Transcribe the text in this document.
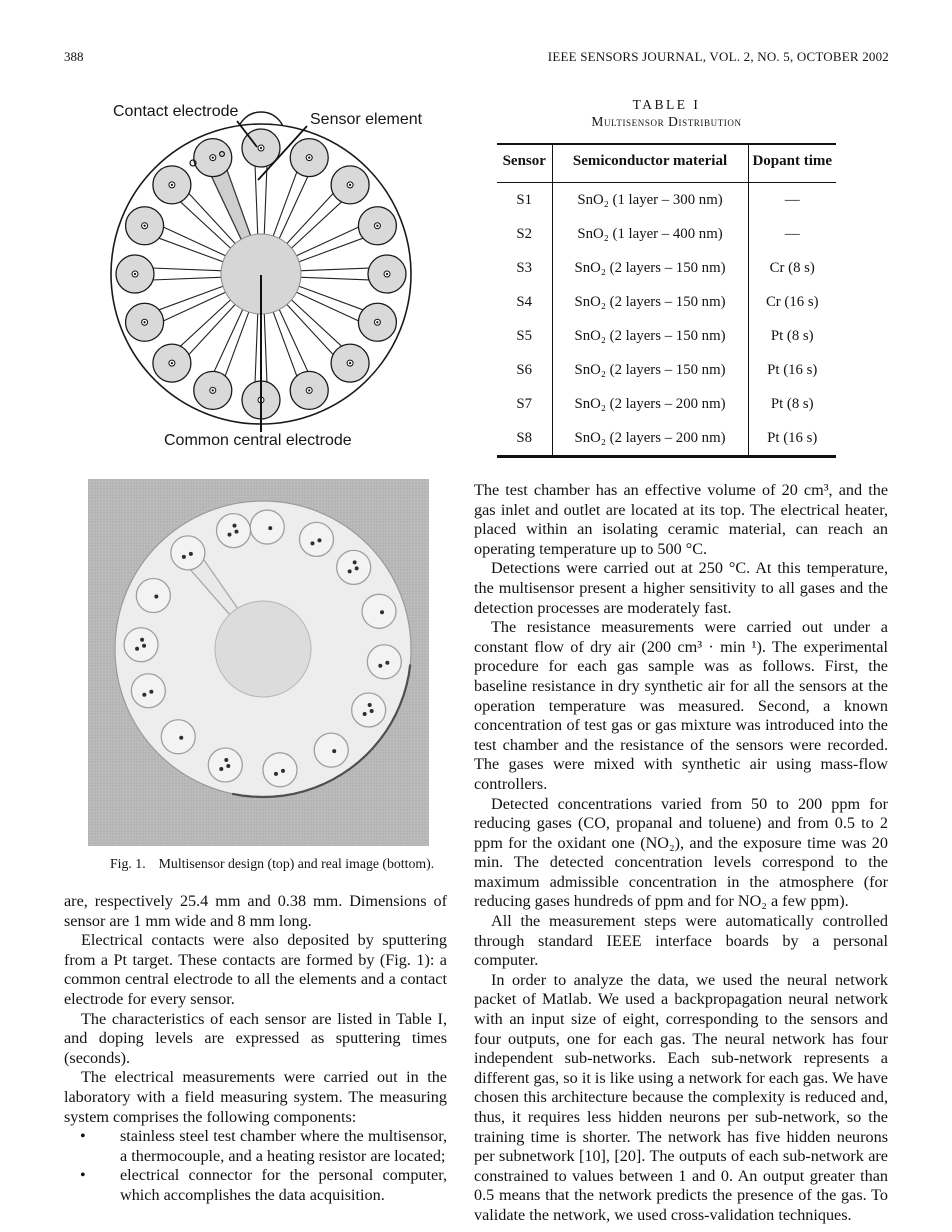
388	IEEE SENSORS JOURNAL, VOL. 2, NO. 5, OCTOBER 2002
Contact electrode	Sensor element
Common central electrode
TABLE I
Multisensor Distribution
Sensor	Semiconductor material	Dopant time
S1	SnO₂ (1 layer – 300 nm)	—
S2	SnO₂ (1 layer – 400 nm)	—
S3	SnO₂ (2 layers – 150 nm)	Cr (8 s)
S4	SnO₂ (2 layers – 150 nm)	Cr (16 s)
S5	SnO₂ (2 layers – 150 nm)	Pt (8 s)
S6	SnO₂ (2 layers – 150 nm)	Pt (16 s)
S7	SnO₂ (2 layers – 200 nm)	Pt (8 s)
S8	SnO₂ (2 layers – 200 nm)	Pt (16 s)
Fig. 1. Multisensor design (top) and real image (bottom).

are, respectively 25.4 mm and 0.38 mm. Dimensions of sensor are 1 mm wide and 8 mm long.

Electrical contacts were also deposited by sputtering from a Pt target. These contacts are formed by (Fig. 1): a common central electrode to all the elements and a contact electrode for every sensor.

The characteristics of each sensor are listed in Table I, and doping levels are expressed as sputtering times (seconds).

The electrical measurements were carried out in the laboratory with a field measuring system. The measuring system comprises the following components:

• stainless steel test chamber where the multisensor, a thermocouple, and a heating resistor are located;
• electrical connector for the personal computer, which accomplishes the data acquisition.

The test chamber has an effective volume of 20 cm³, and the gas inlet and outlet are located at its top. The electrical heater, placed within an isolating ceramic material, can reach an operating temperature up to 500 °C.

Detections were carried out at 250 °C. At this temperature, the multisensor present a higher sensitivity to all gases and the detection processes are moderately fast.

The resistance measurements were carried out under a constant flow of dry air (200 cm³ · min ¹). The experimental procedure for each gas sample was as follows. First, the baseline resistance in dry synthetic air for all the sensors at the operation temperature was measured. Second, a known concentration of test gas or gas mixture was introduced into the test chamber and the resistance of the sensors were recorded. The gases were mixed with synthetic air using mass-flow controllers.

Detected concentrations varied from 50 to 200 ppm for reducing gases (CO, propanal and toluene) and from 0.5 to 2 ppm for the oxidant one (NO₂), and the exposure time was 20 min. The detected concentration levels correspond to the maximum admissible concentration in the atmosphere (for reducing gases hundreds of ppm and for NO₂ a few ppm).

All the measurement steps were automatically controlled through standard IEEE interface boards by a personal computer.

In order to analyze the data, we used the neural network packet of Matlab. We used a backpropagation neural network with an input size of eight, corresponding to the sensors and four outputs, one for each gas. The neural network has four independent sub-networks. Each sub-network represents a different gas, so it is like using a network for each gas. We have chosen this architecture because the complexity is reduced and, thus, it requires less hidden neurons per sub-network, so the training time is shorter. The network has five hidden neurons per subnetwork [10], [20]. The outputs of each sub-network are constrained to values between 1 and 0. An output greater than 0.5 means that the network predicts the presence of the gas. To validate the network, we used cross-validation techniques.
